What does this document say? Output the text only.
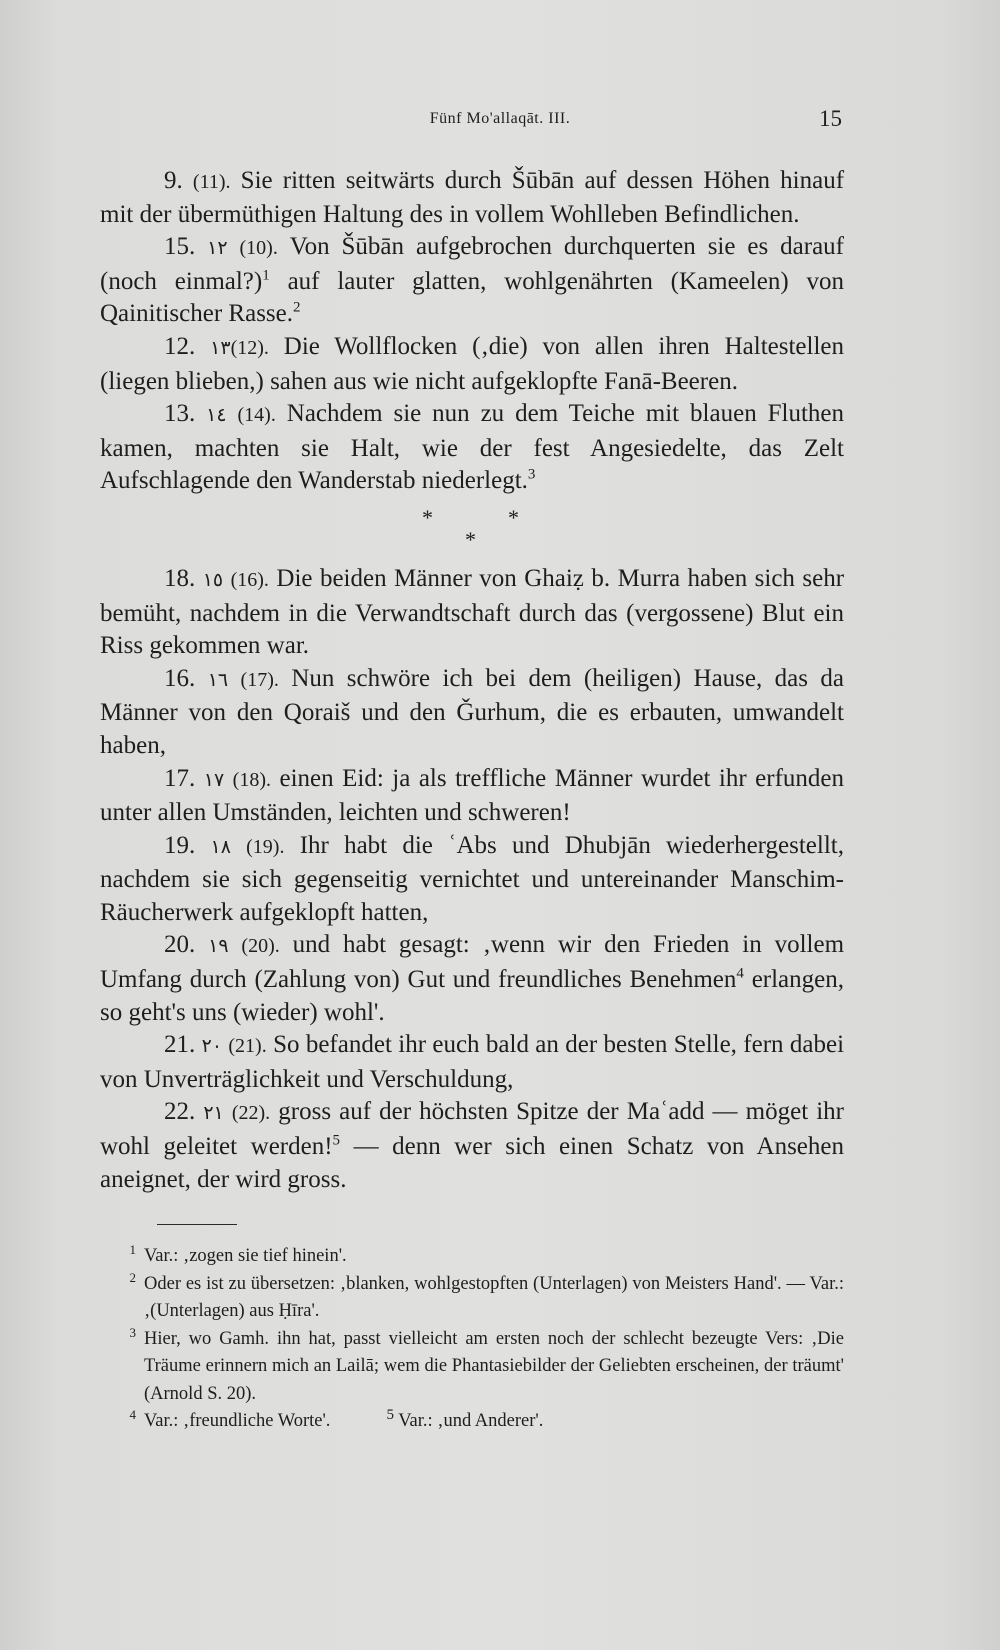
Fünf Mo'allaqāt. III.	15

9. (11). Sie ritten seitwärts durch Šūbān auf dessen Höhen hinauf mit der übermüthigen Haltung des in vollem Wohlleben Befindlichen.

15. ١٢ (10). Von Šūbān aufgebrochen durchquerten sie es darauf (noch einmal?)$^1$ auf lauter glatten, wohlgenährten (Kameelen) von Qainitischer Rasse.$^2$

12. ١٣(12). Die Wollflocken (‚die) von allen ihren Haltestellen (liegen blieben,) sahen aus wie nicht aufgeklopfte Fanā-Beeren.

13. ١٤ (14). Nachdem sie nun zu dem Teiche mit blauen Fluthen kamen, machten sie Halt, wie der fest Angesiedelte, das Zelt Aufschlagende den Wanderstab niederlegt.$^3$

*	*
*

18. ١٥ (16). Die beiden Männer von Ghaiẓ b. Murra haben sich sehr bemüht, nachdem in die Verwandtschaft durch das (vergossene) Blut ein Riss gekommen war.

16. ١٦ (17). Nun schwöre ich bei dem (heiligen) Hause, das da Männer von den Qoraiš und den Ǧurhum, die es erbauten, umwandelt haben,

17. ١٧ (18). einen Eid: ja als treffliche Männer wurdet ihr erfunden unter allen Umständen, leichten und schweren!

19. ١٨ (19). Ihr habt die ʿAbs und Dhubjān wiederhergestellt, nachdem sie sich gegenseitig vernichtet und untereinander Manschim-Räucherwerk aufgeklopft hatten,

20. ١٩ (20). und habt gesagt: ‚wenn wir den Frieden in vollem Umfang durch (Zahlung von) Gut und freundliches Benehmen$^4$ erlangen, so geht's uns (wieder) wohl'.

21. ٢٠ (21). So befandet ihr euch bald an der besten Stelle, fern dabei von Unverträglichkeit und Verschuldung,

22. ٢١ (22). gross auf der höchsten Spitze der Maʿadd — möget ihr wohl geleitet werden!$^5$ — denn wer sich einen Schatz von Ansehen aneignet, der wird gross.

$^1$ Var.: ‚zogen sie tief hinein'.

$^2$ Oder es ist zu übersetzen: ‚blanken, wohlgestopften (Unterlagen) von Meisters Hand'. — Var.: ‚(Unterlagen) aus Ḥīra'.

$^3$ Hier, wo Gamh. ihn hat, passt vielleicht am ersten noch der schlecht bezeugte Vers: ‚Die Träume erinnern mich an Lailā; wem die Phantasiebilder der Geliebten erscheinen, der träumt' (Arnold S. 20).

$^4$ Var.: ‚freundliche Worte'.	$^5$ Var.: ‚und Anderer'.
